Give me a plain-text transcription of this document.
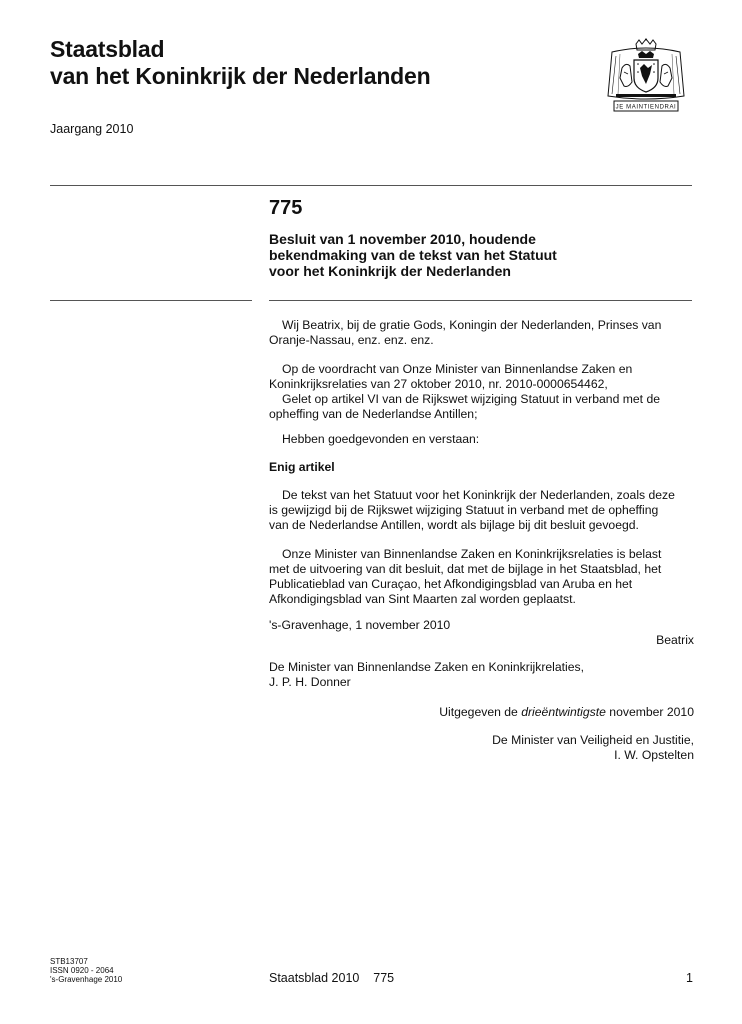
Staatsblad
van het Koninkrijk der Nederlanden
JE MAINTIENDRAI
Jaargang 2010
775
Besluit van 1 november 2010, houdende
bekendmaking van de tekst van het Statuut
voor het Koninkrijk der Nederlanden
Wij Beatrix, bij de gratie Gods, Koningin der Nederlanden, Prinses van
Oranje-Nassau, enz. enz. enz.
Op de voordracht van Onze Minister van Binnenlandse Zaken en
Koninkrijksrelaties van 27 oktober 2010, nr. 2010-0000654462,
Gelet op artikel VI van de Rijkswet wijziging Statuut in verband met de
opheffing van de Nederlandse Antillen;
Hebben goedgevonden en verstaan:
Enig artikel
De tekst van het Statuut voor het Koninkrijk der Nederlanden, zoals deze
is gewijzigd bij de Rijkswet wijziging Statuut in verband met de opheffing
van de Nederlandse Antillen, wordt als bijlage bij dit besluit gevoegd.
Onze Minister van Binnenlandse Zaken en Koninkrijksrelaties is belast
met de uitvoering van dit besluit, dat met de bijlage in het Staatsblad, het
Publicatieblad van Curaçao, het Afkondigingsblad van Aruba en het
Afkondigingsblad van Sint Maarten zal worden geplaatst.
's-Gravenhage, 1 november 2010
Beatrix
De Minister van Binnenlandse Zaken en Koninkrijkrelaties,
J. P. H. Donner
Uitgegeven de drieëntwintigste november 2010
De Minister van Veiligheid en Justitie,
I. W. Opstelten
STB13707
ISSN 0920 - 2064
's-Gravenhage 2010	Staatsblad 2010    775	1
